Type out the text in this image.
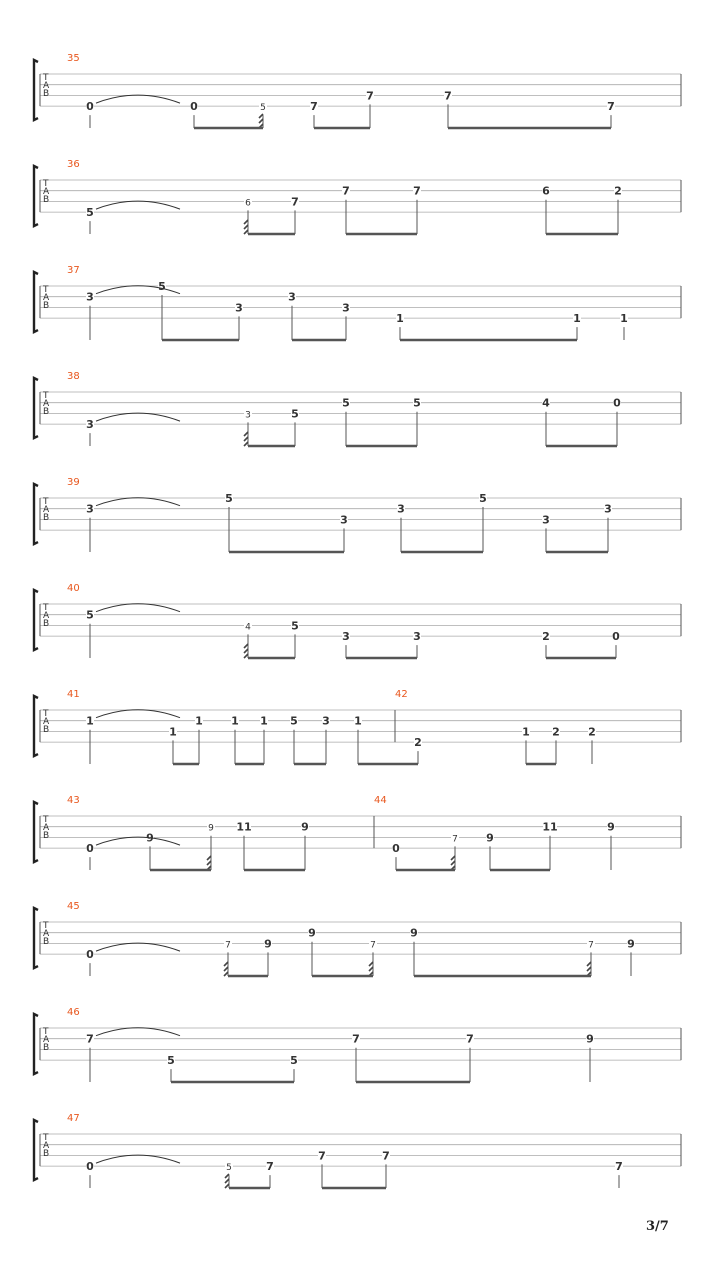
T
A
B
35
0	0	5	7
7	7
7
T
A
B
36
5
6	7
7	7	6	2
T
A
B
37
3
5
3
3
3
1	1	1
T
A
B
38
3
3	5
5	5	4	0
T
A
B
39
3
5
3
3
5
3
3
T
A
B
40
5
4	5
3	3	2	0
T
A
B
41	42
1
1
1	1 1 5 3 1
2
1 2	2
T
A
B
43	44
0
9
9 11	9
0
7	9
11	9
T
A
B
45
0
7	9
9
7
9
7	9
T
A
B
46
7
5	5
7	7	9
T
A
B
47
0	5	7
7	7
7
3/7
